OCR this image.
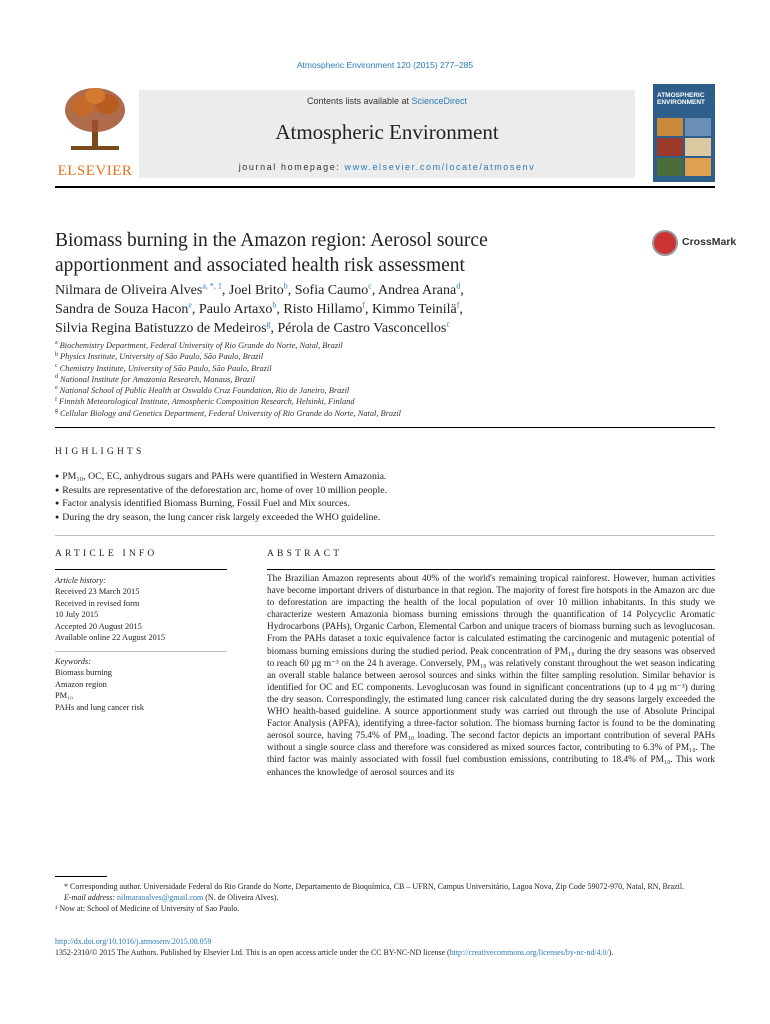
Atmospheric Environment 120 (2015) 277–285
ELSEVIER
Contents lists available at ScienceDirect
Atmospheric Environment
journal homepage: www.elsevier.com/locate/atmosenv
ATMOSPHERIC
ENVIRONMENT
Biomass burning in the Amazon region: Aerosol source apportionment and associated health risk assessment
CrossMark

Nilmara de Oliveira Alves$^{a, *, 1}$, Joel Brito$^b$, Sofia Caumo$^c$, Andrea Arana$^d$,

Sandra de Souza Hacon$^e$, Paulo Artaxo$^b$, Risto Hillamo$^f$, Kimmo Teinilä$^f$,

Silvia Regina Batistuzzo de Medeiros$^g$, Pérola de Castro Vasconcellos$^c$

$^a$ Biochemistry Department, Federal University of Rio Grande do Norte, Natal, Brazil
$^b$ Physics Institute, University of São Paulo, São Paulo, Brazil
$^c$ Chemistry Institute, University of São Paulo, São Paulo, Brazil
$^d$ National Institute for Amazonia Research, Manaus, Brazil
$^e$ National School of Public Health at Oswaldo Cruz Foundation, Rio de Janeiro, Brazil
$^f$ Finnish Meteorological Institute, Atmospheric Composition Research, Helsinki, Finland
$^g$ Cellular Biology and Genetics Department, Federal University of Rio Grande do Norte, Natal, Brazil
HIGHLIGHTS
● PM₁₀, OC, EC, anhydrous sugars and PAHs were quantified in Western Amazonia.
● Results are representative of the deforestation arc, home of over 10 million people.
● Factor analysis identified Biomass Burning, Fossil Fuel and Mix sources.
● During the dry season, the lung cancer risk largely exceeded the WHO guideline.
ARTICLE INFO	ABSTRACT
Article history:
Received 23 March 2015
Received in revised form
10 July 2015
Accepted 20 August 2015
Available online 22 August 2015
Keywords:
Biomass burning
Amazon region
PM₁₀
PAHs and lung cancer risk

The Brazilian Amazon represents about 40% of the world's remaining tropical rainforest. However, human activities have become important drivers of disturbance in that region. The majority of forest fire hotspots in the Amazon arc due to deforestation are impacting the health of the local population of over 10 million inhabitants. In this study we characterize western Amazonia biomass burning emissions through the quantification of 14 Polycyclic Aromatic Hydrocarbons (PAHs), Organic Carbon, Elemental Carbon and unique tracers of biomass burning such as levoglucosan. From the PAHs dataset a toxic equivalence factor is calculated estimating the carcinogenic and mutagenic potential of biomass burning emissions during the studied period. Peak concentration of PM₁₀ during the dry seasons was observed to reach 60 µg m⁻³ on the 24 h average. Conversely, PM₁₀ was relatively constant throughout the wet season indicating an overall stable balance between aerosol sources and sinks within the filter sampling resolution. Similar behavior is identified for OC and EC components. Levoglucosan was found in significant concentrations (up to 4 µg m⁻³) during the dry season. Correspondingly, the estimated lung cancer risk calculated during the dry seasons largely exceeded the WHO health-based guideline. A source apportionment study was carried out through the use of Absolute Principal Factor Analysis (APFA), identifying a three-factor solution. The biomass burning factor is found to be the dominating aerosol source, having 75.4% of PM₁₀ loading. The second factor depicts an important contribution of several PAHs without a single source class and therefore was considered as mixed sources factor, contributing to 6.3% of PM₁₀. The third factor was mainly associated with fossil fuel combustion emissions, contributing to 18.4% of PM₁₀. This work enhances the knowledge of aerosol sources and its

* Corresponding author. Universidade Federal do Rio Grande do Norte, Departamento de Bioquímica, CB – UFRN, Campus Universitário, Lagoa Nova, Zip Code 59072-970, Natal, RN, Brazil.
E-mail address: nilmaraoalves@gmail.com (N. de Oliveira Alves).
¹ Now at: School of Medicine of University of Sao Paulo.
http://dx.doi.org/10.1016/j.atmosenv.2015.08.059
1352-2310/© 2015 The Authors. Published by Elsevier Ltd. This is an open access article under the CC BY-NC-ND license (http://creativecommons.org/licenses/by-nc-nd/4.0/).
